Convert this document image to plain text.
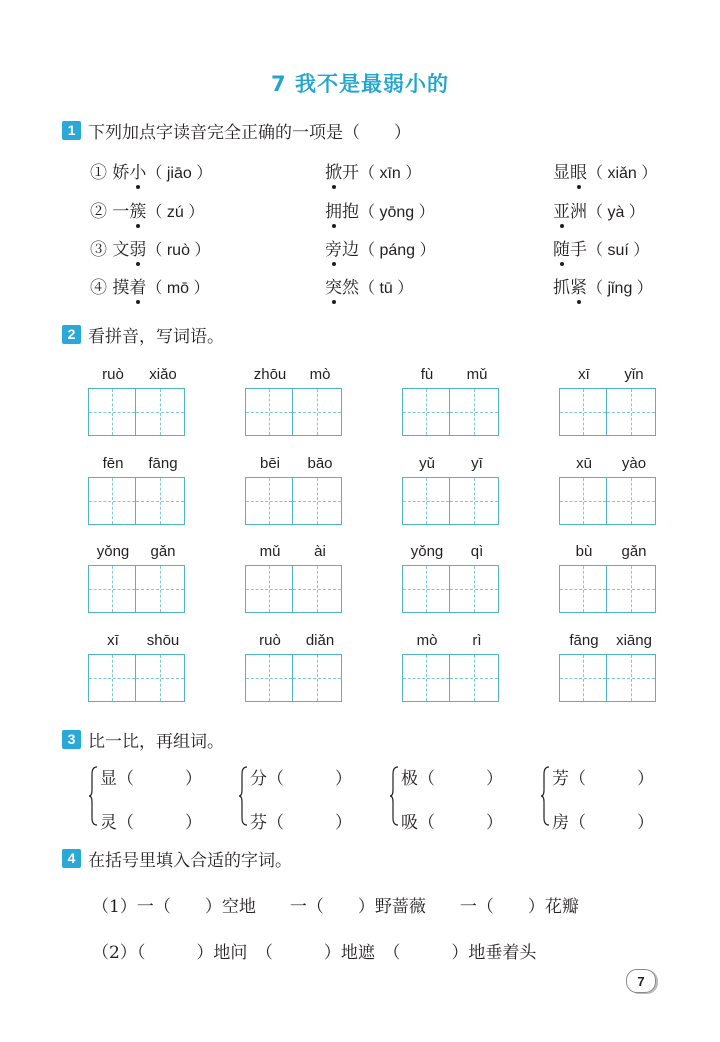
7 我不是最弱小的
1 下列加点字读音完全正确的一项是（　　）
① 娇小（ jiāo ）	掀开（ xīn ）	显眼（ xiǎn ）
② 一簇（ zú ）	拥抱（ yōng ）	亚洲（ yà ）
③ 文弱（ ruò ）	旁边（ páng ）	随手（ suí ）
④ 摸着（ mō ）	突然（ tū ）	抓紧（ jǐng ）
2 看拼音，写词语。
ruò	xiǎo	zhōu	mò	fù	mǔ	xī	yǐn
fēn	fāng	bēi	bāo	yǔ	yī	xū	yào
yǒng	gǎn	mǔ	ài	yǒng	qì	bù	gǎn
xī	shōu	ruò	diǎn	mò	rì	fāng	xiāng
3 比一比，再组词。
显（　　　）
灵（　　　）
分（　　　）
芬（　　　）
极（　　　）
吸（　　　）
芳（　　　）
房（　　　）
4 在括号里填入合适的字词。
（1）一（　　）空地　　一（　　）野蔷薇　　一（　　）花瓣
（2）（　　　）地问　（　　　）地遮　（　　　）地垂着头
7
